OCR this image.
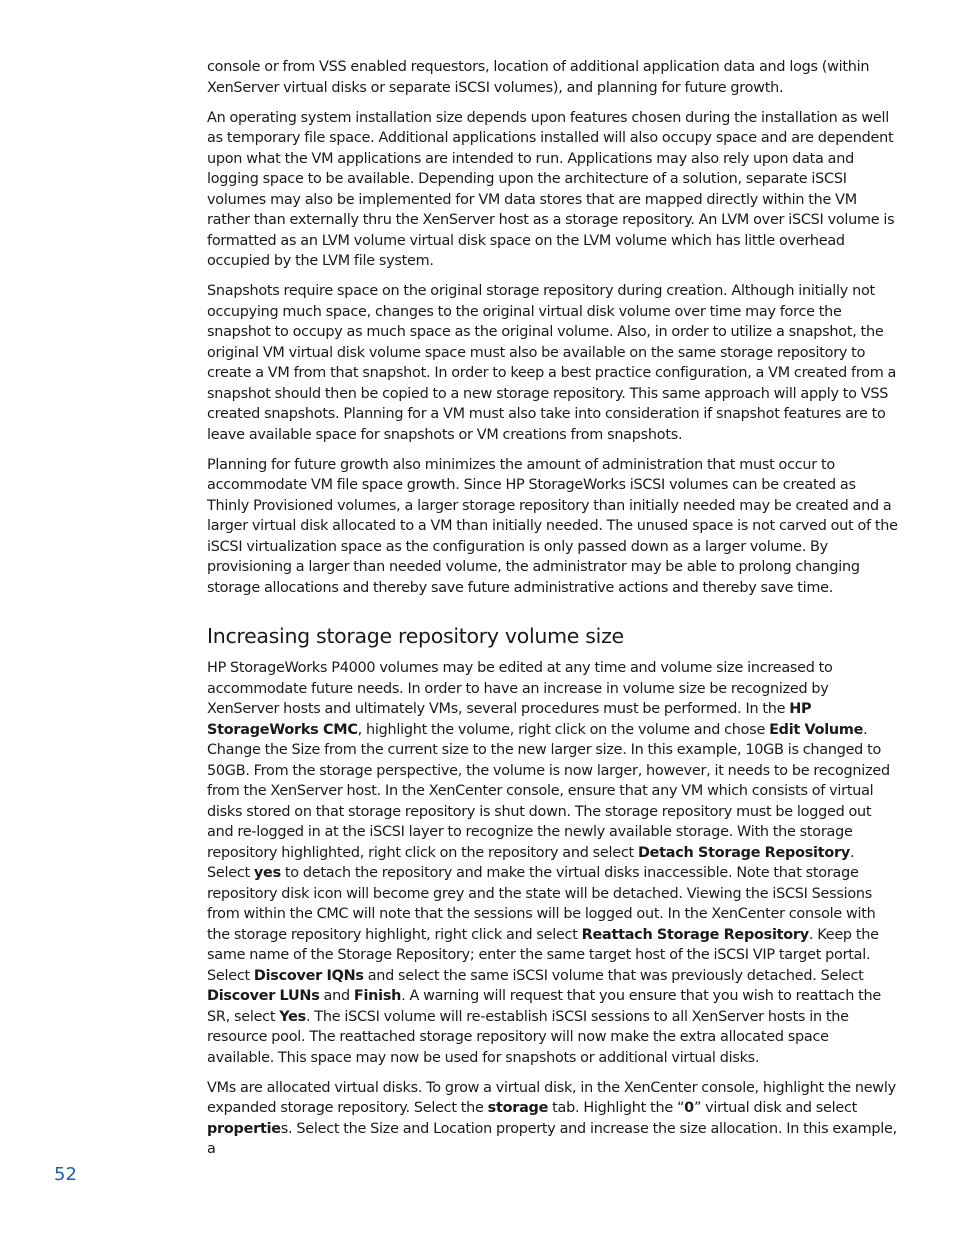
console or from VSS enabled requestors, location of additional application data and logs (within XenServer virtual disks or separate iSCSI volumes), and planning for future growth.

An operating system installation size depends upon features chosen during the installation as well as temporary file space. Additional applications installed will also occupy space and are dependent upon what the VM applications are intended to run. Applications may also rely upon data and logging space to be available. Depending upon the architecture of a solution, separate iSCSI volumes may also be implemented for VM data stores that are mapped directly within the VM rather than externally thru the XenServer host as a storage repository. An LVM over iSCSI volume is formatted as an LVM volume virtual disk space on the LVM volume which has little overhead occupied by the LVM file system.

Snapshots require space on the original storage repository during creation. Although initially not occupying much space, changes to the original virtual disk volume over time may force the snapshot to occupy as much space as the original volume. Also, in order to utilize a snapshot, the original VM virtual disk volume space must also be available on the same storage repository to create a VM from that snapshot. In order to keep a best practice configuration, a VM created from a snapshot should then be copied to a new storage repository. This same approach will apply to VSS created snapshots. Planning for a VM must also take into consideration if snapshot features are to leave available space for snapshots or VM creations from snapshots.

Planning for future growth also minimizes the amount of administration that must occur to accommodate VM file space growth. Since HP StorageWorks iSCSI volumes can be created as Thinly Provisioned volumes, a larger storage repository than initially needed may be created and a larger virtual disk allocated to a VM than initially needed. The unused space is not carved out of the iSCSI virtualization space as the configuration is only passed down as a larger volume. By provisioning a larger than needed volume, the administrator may be able to prolong changing storage allocations and thereby save future administrative actions and thereby save time.

Increasing storage repository volume size

HP StorageWorks P4000 volumes may be edited at any time and volume size increased to accommodate future needs. In order to have an increase in volume size be recognized by XenServer hosts and ultimately VMs, several procedures must be performed. In the HP StorageWorks CMC, highlight the volume, right click on the volume and chose Edit Volume. Change the Size from the current size to the new larger size. In this example, 10GB is changed to 50GB. From the storage perspective, the volume is now larger, however, it needs to be recognized from the XenServer host. In the XenCenter console, ensure that any VM which consists of virtual disks stored on that storage repository is shut down. The storage repository must be logged out and re-logged in at the iSCSI layer to recognize the newly available storage. With the storage repository highlighted, right click on the repository and select Detach Storage Repository. Select yes to detach the repository and make the virtual disks inaccessible. Note that storage repository disk icon will become grey and the state will be detached. Viewing the iSCSI Sessions from within the CMC will note that the sessions will be logged out. In the XenCenter console with the storage repository highlight, right click and select Reattach Storage Repository. Keep the same name of the Storage Repository; enter the same target host of the iSCSI VIP target portal. Select Discover IQNs and select the same iSCSI volume that was previously detached. Select Discover LUNs and Finish. A warning will request that you ensure that you wish to reattach the SR, select Yes. The iSCSI volume will re-establish iSCSI sessions to all XenServer hosts in the resource pool. The reattached storage repository will now make the extra allocated space available. This space may now be used for snapshots or additional virtual disks.

VMs are allocated virtual disks. To grow a virtual disk, in the XenCenter console, highlight the newly expanded storage repository. Select the storage tab. Highlight the “0” virtual disk and select properties. Select the Size and Location property and increase the size allocation. In this example, a

52
